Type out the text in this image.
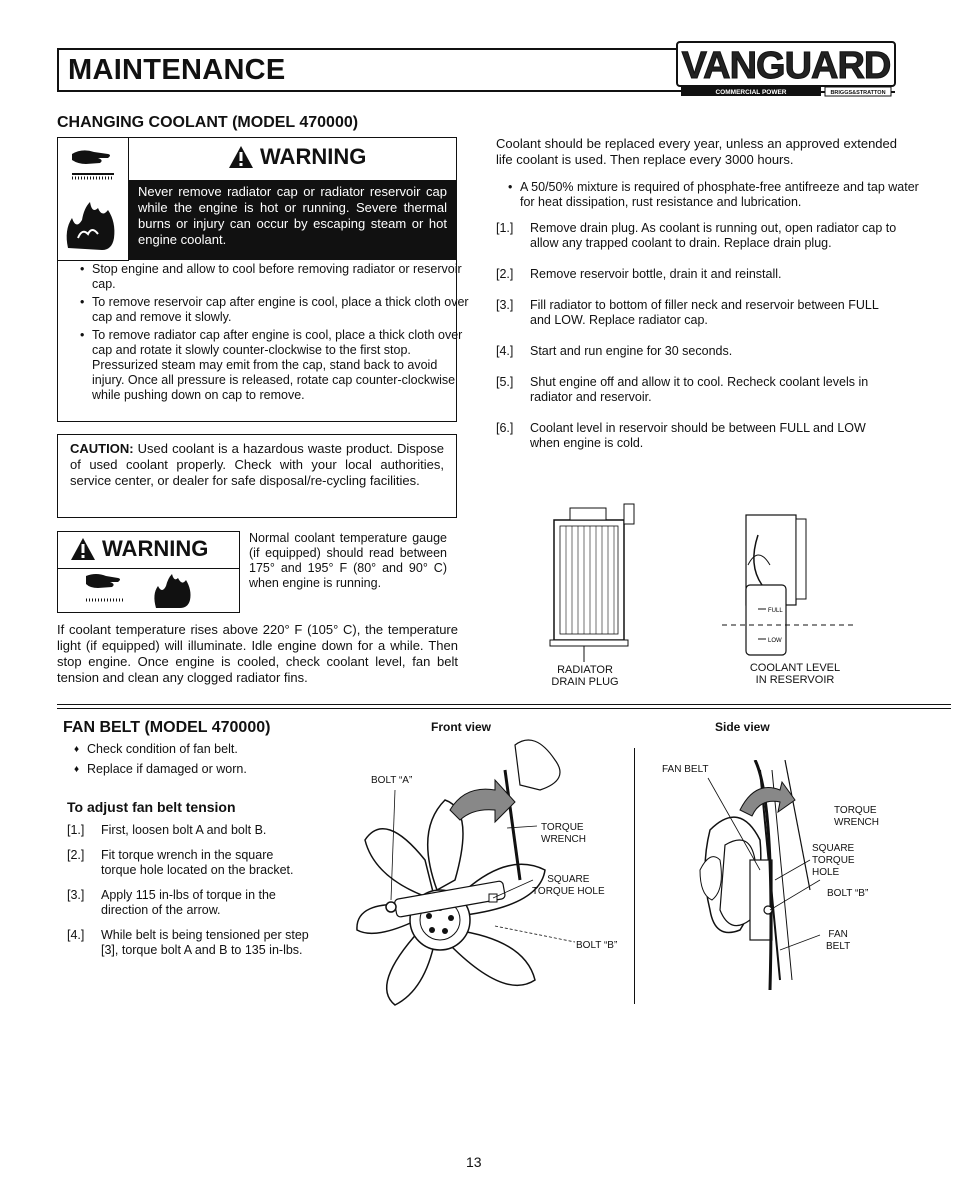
MAINTENANCE	VANGUARD
COMMERCIAL POWER	BRIGGS&STRATTON
CHANGING COOLANT (MODEL 470000)
WARNING
Never remove radiator cap or radiator reservoir cap while the engine is hot or running. Severe thermal burns or injury can occur by escaping steam or hot engine coolant.
• Stop engine and allow to cool before removing radiator or reservoir cap.
• To remove reservoir cap after engine is cool, place a thick cloth over cap and remove it slowly.
• To remove radiator cap after engine is cool, place a thick cloth over cap and rotate it slowly counter-clockwise to the first stop. Pressurized steam may emit from the cap, stand back to avoid injury. Once all pressure is released, rotate cap counter-clockwise while pushing down on cap to remove.
CAUTION: Used coolant is a hazardous waste product. Dispose of used coolant properly. Check with your local authorities, service center, or dealer for safe disposal/re-cycling facilities.
WARNING	Normal coolant temperature gauge (if equipped) should read between 175° and 195° F (80° and 90° C) when engine is running.
If coolant temperature rises above 220° F (105° C), the temperature light (if equipped) will illuminate. Idle engine down for a while. Then stop engine. Once engine is cooled, check coolant level, fan belt tension and clean any clogged radiator fins.
Coolant should be replaced every year, unless an approved extended life coolant is used. Then replace every 3000 hours.
• A 50/50% mixture is required of phosphate-free antifreeze and tap water for heat dissipation, rust resistance and lubrication.
[1.]	Remove drain plug. As coolant is running out, open radiator cap to allow any trapped coolant to drain. Replace drain plug.
[2.]	Remove reservoir bottle, drain it and reinstall.
[3.]	Fill radiator to bottom of filler neck and reservoir between FULL and LOW. Replace radiator cap.
[4.]	Start and run engine for 30 seconds.
[5.]	Shut engine off and allow it to cool. Recheck coolant levels in radiator and reservoir.
[6.]	Coolant level in reservoir should be between FULL and LOW when engine is cold.
RADIATOR
DRAIN PLUG
FULL
LOW
COOLANT LEVEL
IN RESERVOIR
FAN BELT (MODEL 470000)
♦ Check condition of fan belt.
♦ Replace if damaged or worn.
To adjust fan belt tension
[1.]	First, loosen bolt A and bolt B.
[2.]	Fit torque wrench in the square torque hole located on the bracket.
[3.]	Apply 115 in-lbs of torque in the direction of the arrow.
[4.]	While belt is being tensioned per step [3], torque bolt A and B to 135 in-lbs.
Front view
BOLT “A”
TORQUE
WRENCH
SQUARE
TORQUE HOLE
BOLT “B”
Side view
FAN BELT
TORQUE
WRENCH
SQUARE
TORQUE
HOLE
BOLT “B”
FAN
BELT
13
